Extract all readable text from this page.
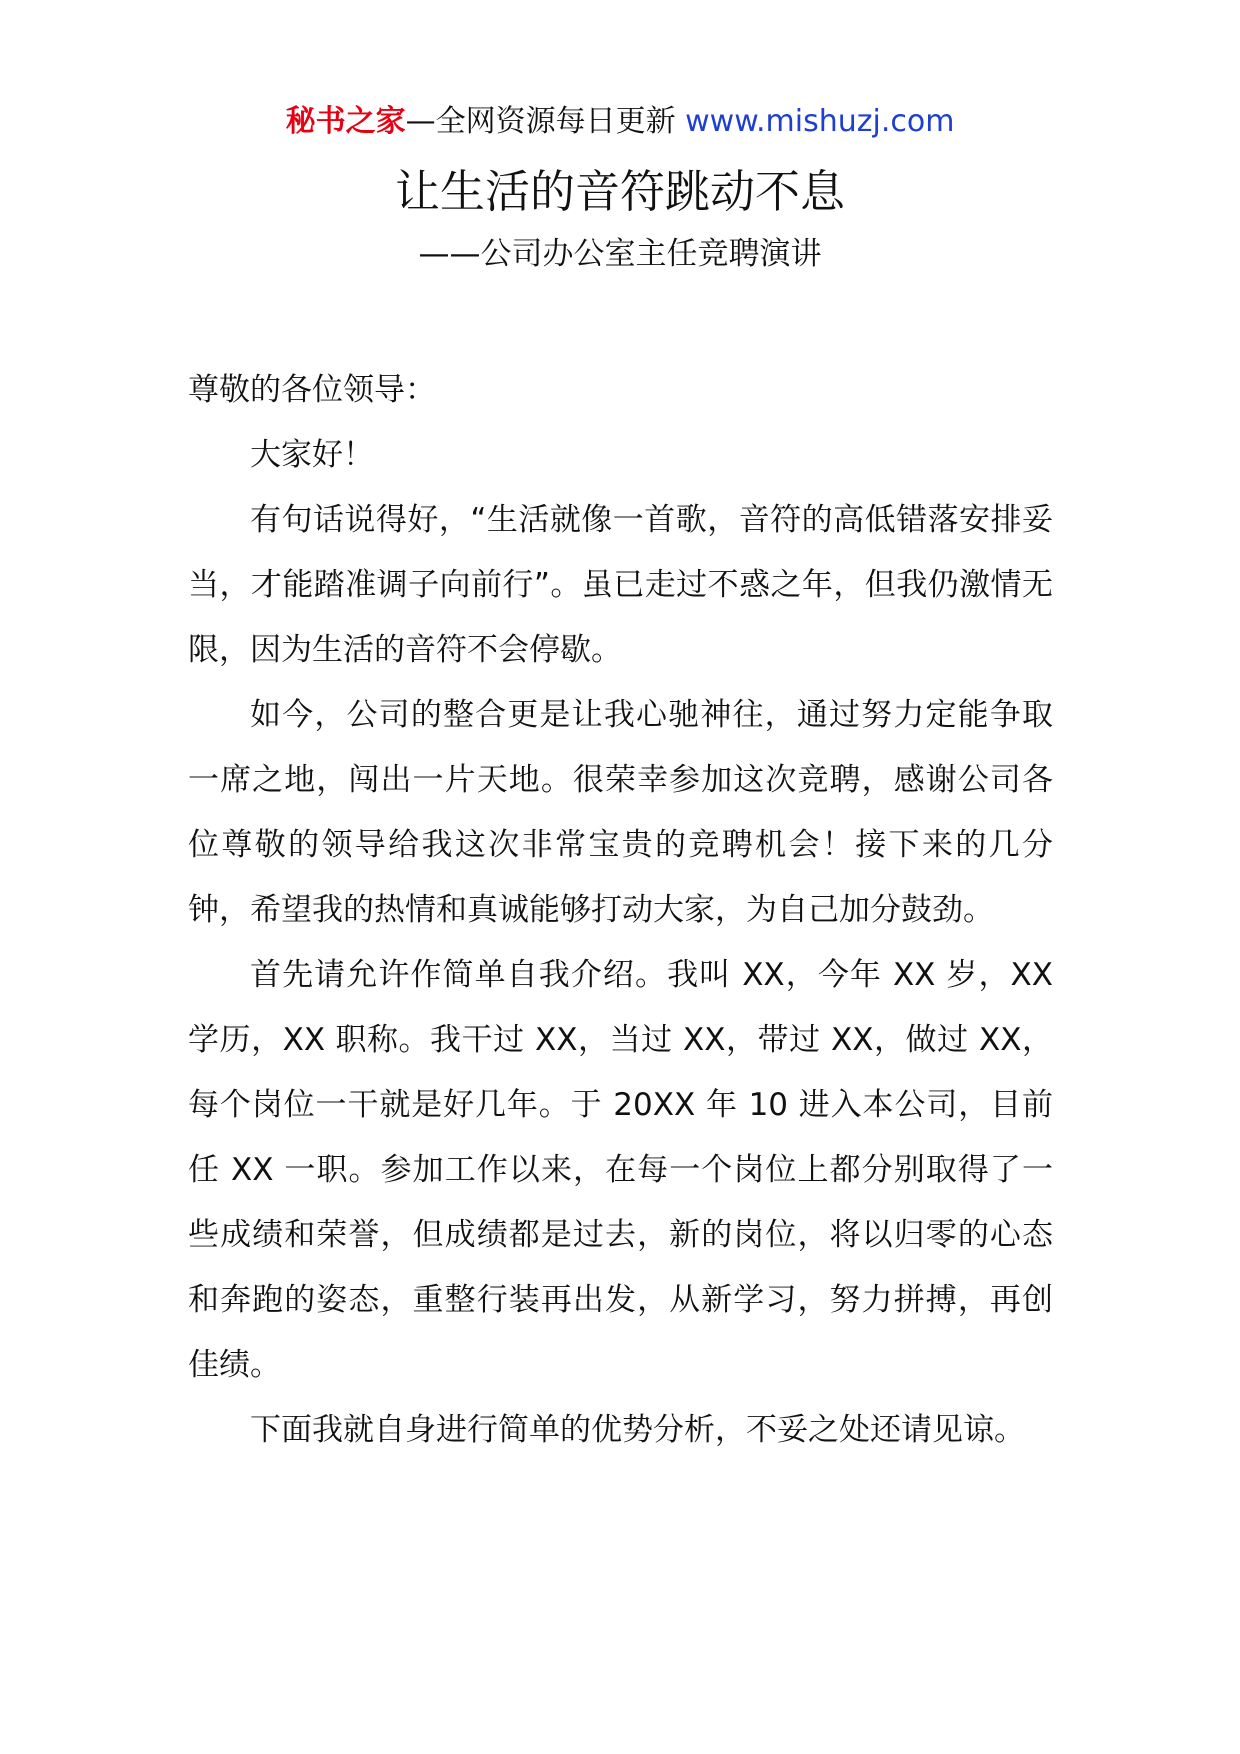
秘书之家—全网资源每日更新 www.mishuzj.com
让生活的音符跳动不息
——公司办公室主任竞聘演讲

尊敬的各位领导：

大家好！

有句话说得好，“生活就像一首歌，音符的高低错落安排妥当，才能踏准调子向前行”。虽已走过不惑之年，但我仍激情无限，因为生活的音符不会停歇。

如今，公司的整合更是让我心驰神往，通过努力定能争取一席之地，闯出一片天地。很荣幸参加这次竞聘，感谢公司各位尊敬的领导给我这次非常宝贵的竞聘机会！接下来的几分钟，希望我的热情和真诚能够打动大家，为自己加分鼓劲。

首先请允许作简单自我介绍。我叫 XX，今年 XX 岁，XX 学历，XX 职称。我干过 XX，当过 XX，带过 XX，做过 XX，每个岗位一干就是好几年。于 20XX 年 10 进入本公司，目前任 XX 一职。参加工作以来，在每一个岗位上都分别取得了一些成绩和荣誉，但成绩都是过去，新的岗位，将以归零的心态和奔跑的姿态，重整行装再出发，从新学习，努力拼搏，再创佳绩。

下面我就自身进行简单的优势分析，不妥之处还请见谅。
